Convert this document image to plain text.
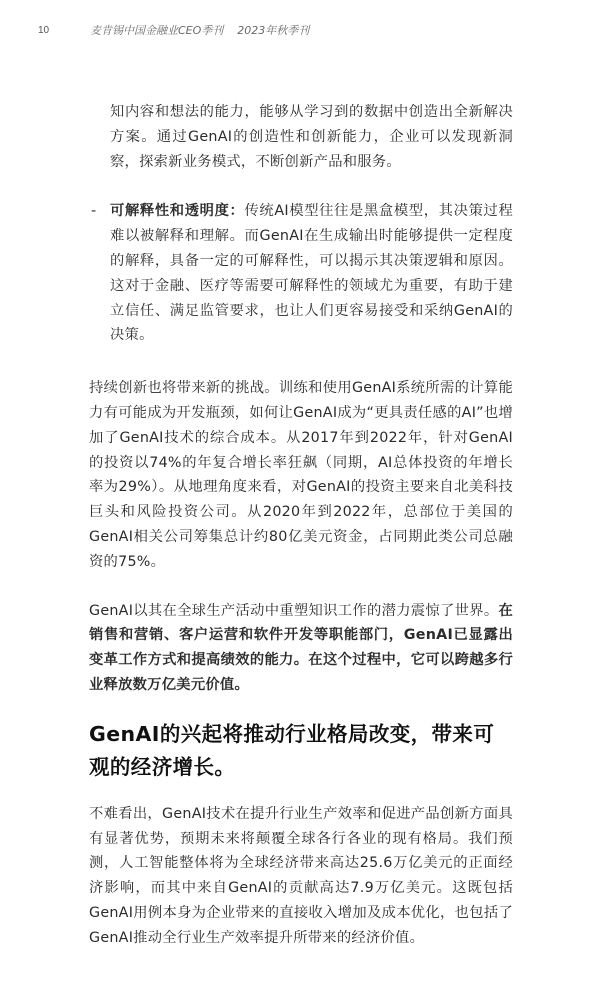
10	麦肯锡中国金融业CEO季刊 2023年秋季刊

知内容和想法的能力，能够从学习到的数据中创造出全新解决方案。通过GenAI的创造性和创新能力，企业可以发现新洞察，探索新业务模式，不断创新产品和服务。

- 可解释性和透明度：传统AI模型往往是黑盒模型，其决策过程难以被解释和理解。而GenAI在生成输出时能够提供一定程度的解释，具备一定的可解释性，可以揭示其决策逻辑和原因。这对于金融、医疗等需要可解释性的领域尤为重要，有助于建立信任、满足监管要求，也让人们更容易接受和采纳GenAI的决策。

持续创新也将带来新的挑战。训练和使用GenAI系统所需的计算能力有可能成为开发瓶颈，如何让GenAI成为“更具责任感的AI”也增加了GenAI技术的综合成本。从2017年到2022年，针对GenAI的投资以74%的年复合增长率狂飙（同期，AI总体投资的年增长率为29%）。从地理角度来看，对GenAI的投资主要来自北美科技巨头和风险投资公司。从2020年到2022年，总部位于美国的GenAI相关公司筹集总计约80亿美元资金，占同期此类公司总融资的75%。

GenAI以其在全球生产活动中重塑知识工作的潜力震惊了世界。在销售和营销、客户运营和软件开发等职能部门，GenAI已显露出变革工作方式和提高绩效的能力。在这个过程中，它可以跨越多行业释放数万亿美元价值。

GenAI的兴起将推动行业格局改变，带来可观的经济增长。

不难看出，GenAI技术在提升行业生产效率和促进产品创新方面具有显著优势，预期未来将颠覆全球各行各业的现有格局。我们预测，人工智能整体将为全球经济带来高达25.6万亿美元的正面经济影响，而其中来自GenAI的贡献高达7.9万亿美元。这既包括GenAI用例本身为企业带来的直接收入增加及成本优化，也包括了GenAI推动全行业生产效率提升所带来的经济价值。
